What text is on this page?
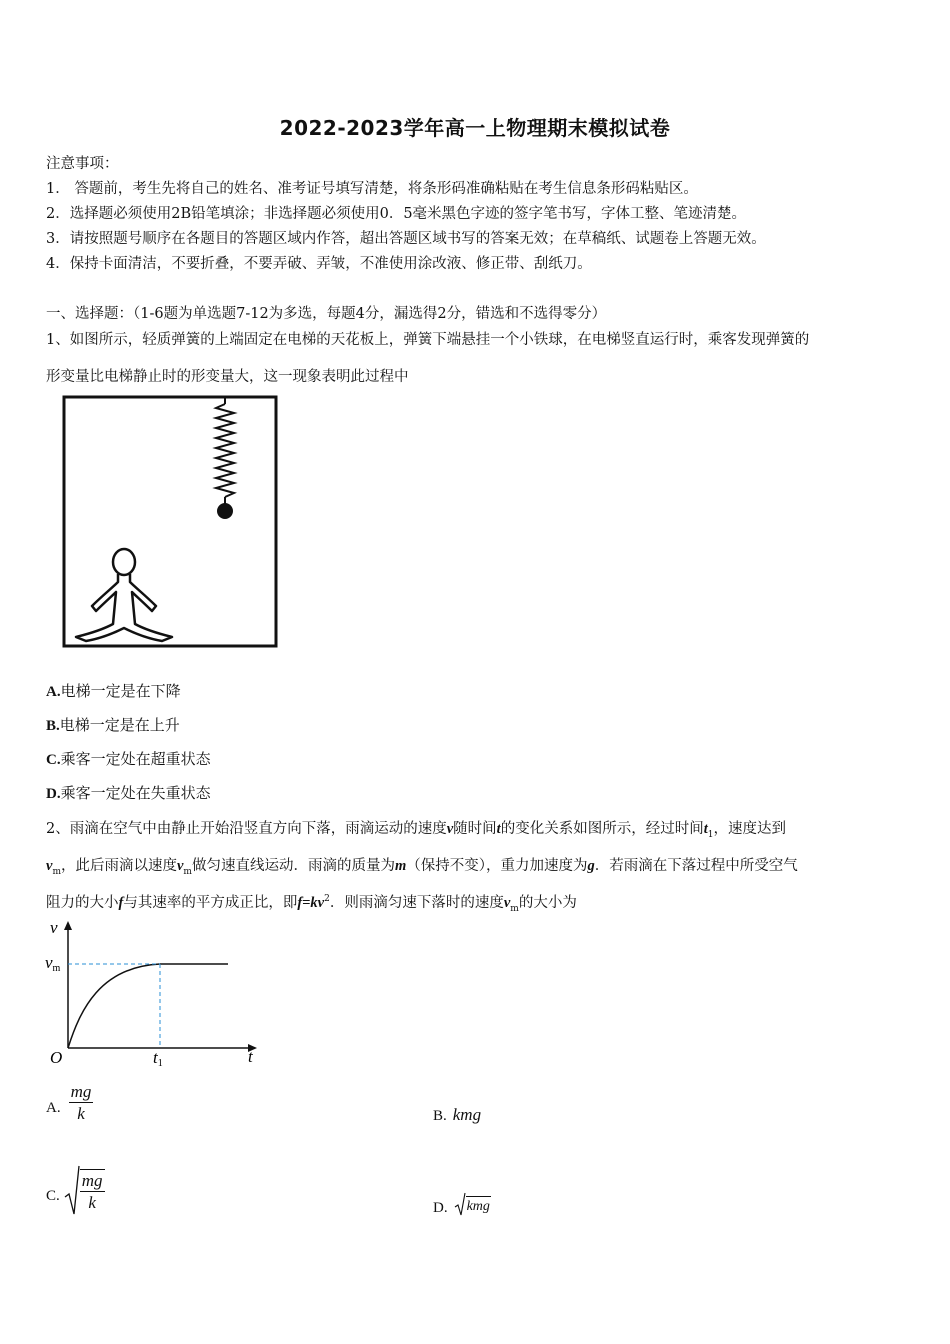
2022-2023学年高一上物理期末模拟试卷
注意事项：
1． 答题前，考生先将自己的姓名、准考证号填写清楚，将条形码准确粘贴在考生信息条形码粘贴区。
2．选择题必须使用2B铅笔填涂；非选择题必须使用0．5毫米黑色字迹的签字笔书写，字体工整、笔迹清楚。
3．请按照题号顺序在各题目的答题区域内作答，超出答题区域书写的答案无效；在草稿纸、试题卷上答题无效。
4．保持卡面清洁，不要折叠，不要弄破、弄皱，不准使用涂改液、修正带、刮纸刀。
一、选择题：（1-6题为单选题7-12为多选，每题4分，漏选得2分，错选和不选得零分）
1、如图所示，轻质弹簧的上端固定在电梯的天花板上，弹簧下端悬挂一个小铁球，在电梯竖直运行时，乘客发现弹簧的
形变量比电梯静止时的形变量大，这一现象表明此过程中
A.电梯一定是在下降
B.电梯一定是在上升
C.乘客一定处在超重状态
D.乘客一定处在失重状态
2、雨滴在空气中由静止开始沿竖直方向下落，雨滴运动的速度v随时间t的变化关系如图所示，经过时间$t_1$，速度达到
$v_m$，此后雨滴以速度$v_m$做匀速直线运动．雨滴的质量为m（保持不变），重力加速度为g．若雨滴在下落过程中所受空气
阻力的大小f与其速率的平方成正比，即$f=kv^2$．则雨滴匀速下落时的速度$v_m$的大小为
v
t
O
vm
t1
A. $\frac{mg}{k}$	B. kmg
C. $\frac{mg}{k}$	D. kmg
